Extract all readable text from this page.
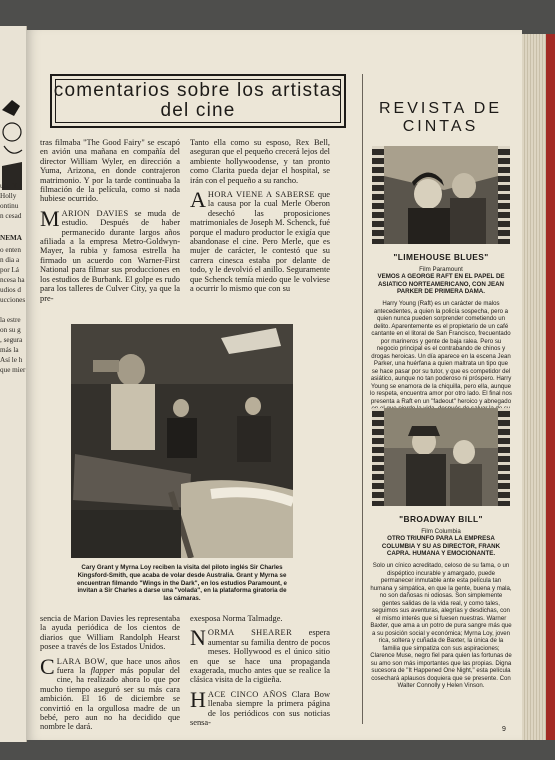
ula. Y
Holly
ontinu
n cesad
NEMA
o enten
n dia a
por Lá
ncesa ha
udios d
ucciones
la estre
on su g
, segura
más la
Así le h
que mier
comentarios sobre los artistas del cine

tras filmaba "The Good Fairy" se escapó en avión una mañana en compañía del director William Wyler, en dirección a Yuma, Arizona, en donde contrajeron matrimonio. Y por la tarde continuaba la filmación de la película, como si nada hubiese ocurrido.

MARION DAVIES se muda de estudio. Después de haber permanecido durante largos años afiliada a la empresa Metro-Goldwyn-Mayer, la rubia y famosa estrella ha firmado un acuerdo con Warner-First National para filmar sus producciones en los estudios de Burbank. El golpe es rudo para los talleres de Culver City, ya que la pre-

Tanto ella como su esposo, Rex Bell, aseguran que el pequeño crecerá lejos del ambiente hollywoodense, y tan pronto como Clarita pueda dejar el hospital, se irán con el pequeño a su rancho.

AHORA VIENE A SABERSE que la causa por la cual Merle Oberon desechó las proposiciones matrimoniales de Joseph M. Schenck, fué porque el maduro productor le exigía que abandonase el cine. Pero Merle, que es mujer de carácter, le contestó que su carrera cinesca estaba por delante de todo, y le devolvió el anillo. Seguramente que Schenck temía miedo que le volviese a ocurrir lo mismo que con su

Cary Grant y Myrna Loy reciben la visita del piloto inglés Sir Charles Kingsford-Smith, que acaba de volar desde Australia. Grant y Myrna se encuentran filmando "Wings in the Dark", en los estudios Paramount, e invitan a Sir Charles a darse una "volada", en la plataforma giratoria de las cámaras.

sencia de Marion Davies les representaba la ayuda periódica de los cientos de diarios que William Randolph Hearst posee a través de los Estados Unidos.

CLARA BOW, que hace unos años fuera la flapper más popular del cine, ha realizado ahora lo que por mucho tiempo aseguró ser su más cara ambición. El 16 de diciembre se convirtió en la orgullosa madre de un bebé, pero aun no ha decidido que nombre le dará.

exesposa Norma Talmadge.

NORMA SHEARER espera aumentar su familia dentro de pocos meses. Hollywood es el único sitio en que se hace una propaganda exagerada, mucho antes que se realice la clásica visita de la cigüeña.

HACE CINCO AÑOS Clara Bow llenaba siempre la primera página de los periódicos con sus noticias sensa-

REVISTA DE CINTAS
"LIMEHOUSE BLUES"
Film Paramount
VEMOS A GEORGE RAFT EN EL PAPEL DE ASIATICO NORTEAMERICANO, CON JEAN PARKER DE PRIMERA DAMA.
Harry Young (Raft) es un carácter de malos antecedentes, a quien la policía sospecha, pero a quien nunca pueden sorprender cometiendo un delito. Aparentemente es el propietario de un café cantante en el litoral de San Francisco, frecuentado por marineros y gente de baja ralea. Pero su negocio principal es el contrabando de chinos y drogas heroicas. Un día aparece en la escena Jean Parker, una huérfana a quien maltrata un tipo que se hace pasar por su tutor, y que es competidor del asiático, aunque no tan poderoso ni próspero. Harry Young se enamora de la chiquilla, pero ella, aunque lo respeta, encuentra amor por otro lado. El final nos presenta a Raft en un "fadeout" heroico y abnegado
"BROADWAY BILL"
Film Columbia
OTRO TRIUNFO PARA LA EMPRESA COLUMBIA Y SU AS DIRECTOR, FRANK CAPRA. HUMANA Y EMOCIONANTE.
Solo un cínico acreditado, celoso de su fama, o un dispéptico incurable y amargado, puede permanecer inmutable ante esta película tan humana y simpática, en que la gente, buena y mala, no son dañosas ni odiosas. Son simplemente gentes salidas de la vida real, y como tales, seguimos sus aventuras, alegrías y desdichas, con el mismo interés que si fuesen nuestras. Warner Baxter, que ama a un potro de pura sangre más que a su posición social y económica; Myrna Loy, joven rica, soltera y cuñada de Baxter, la única de la familia que simpatiza con sus aspiraciones; Clarence Muse, negro fiel para quien las fortunas de su amo son más importantes que las propias. Digna sucesora de "It Happened One Night," esta película cosechará aplausos doquiera que se presente. Con Walter Connolly y Helen Vinson.
9
